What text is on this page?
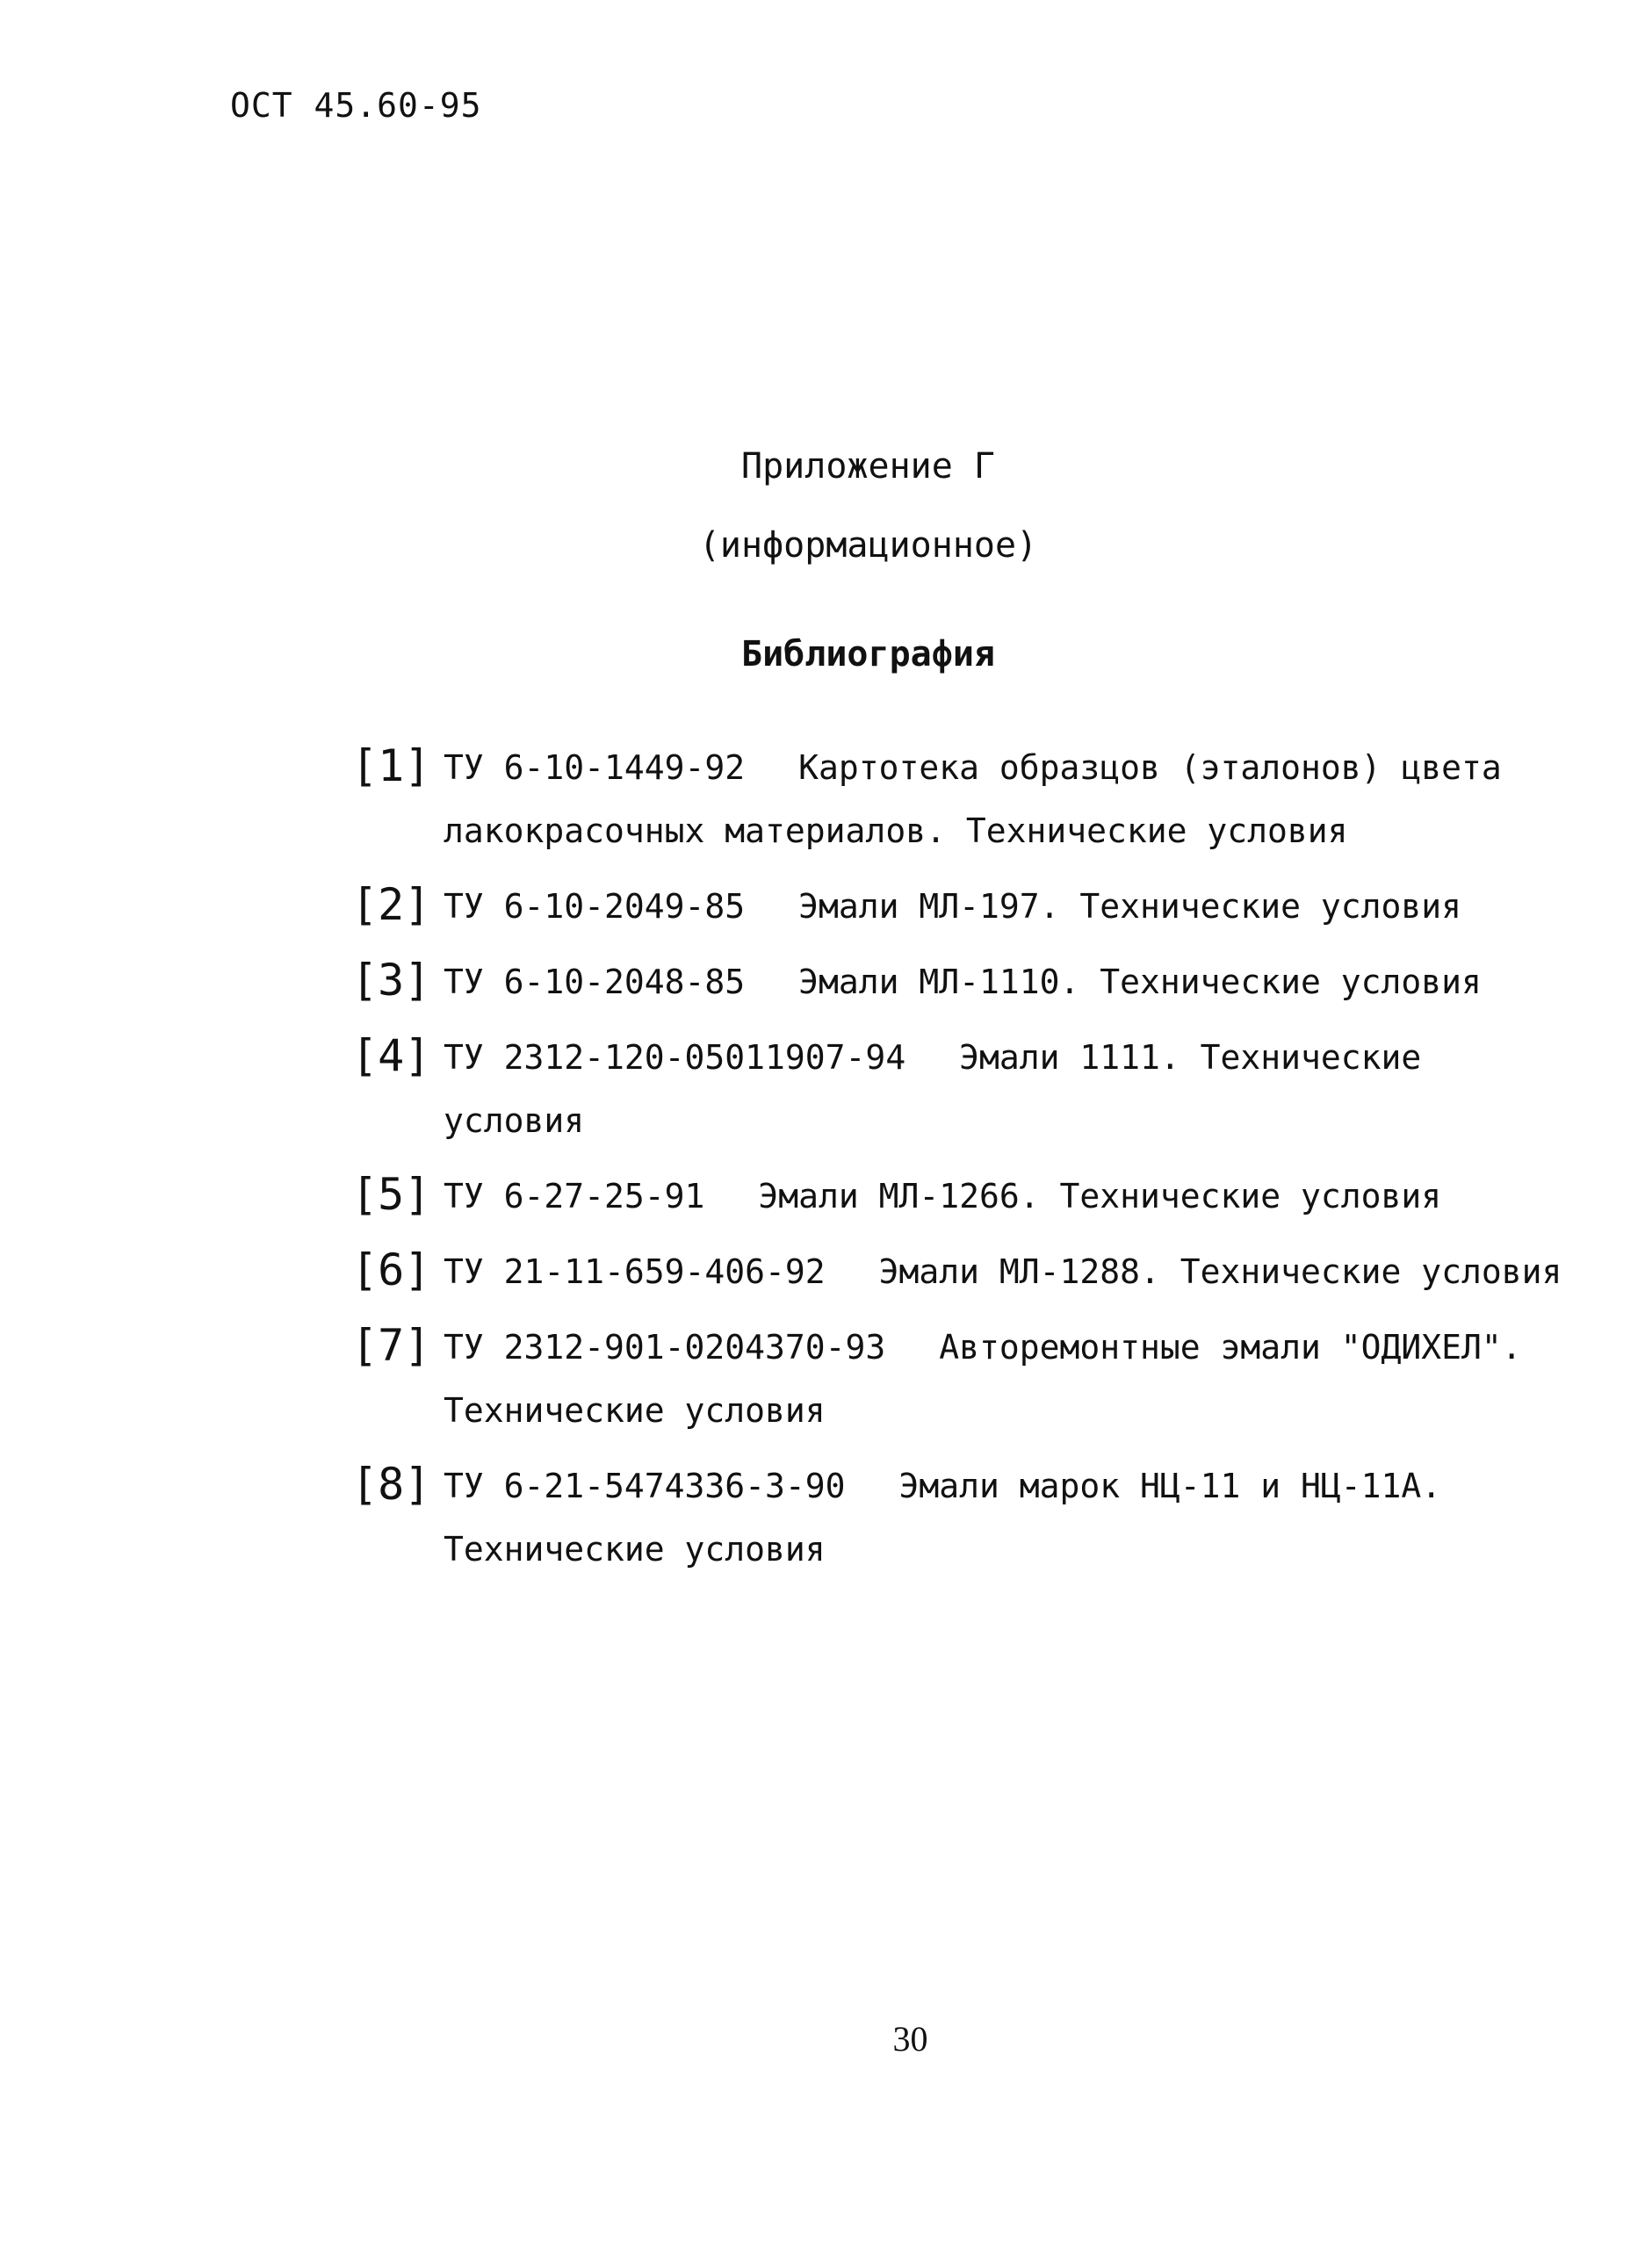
ОСТ 45.60-95
Приложение Г
(информационное)
Библиография
[1] ТУ 6-10-1449-92 Картотека образцов (эталонов) цвета лакокрасочных материалов. Технические условия
[2] ТУ 6-10-2049-85 Эмали МЛ-197. Технические условия
[3] ТУ 6-10-2048-85 Эмали МЛ-1110. Технические условия
[4] ТУ 2312-120-05011907-94 Эмали 1111. Технические условия
[5] ТУ 6-27-25-91 Эмали МЛ-1266. Технические условия
[6] ТУ 21-11-659-406-92 Эмали МЛ-1288. Технические условия
[7] ТУ 2312-901-0204370-93 Авторемонтные эмали "ОДИХЕЛ". Технические условия
[8] ТУ 6-21-5474336-3-90 Эмали марок НЦ-11 и НЦ-11А. Технические условия
30
